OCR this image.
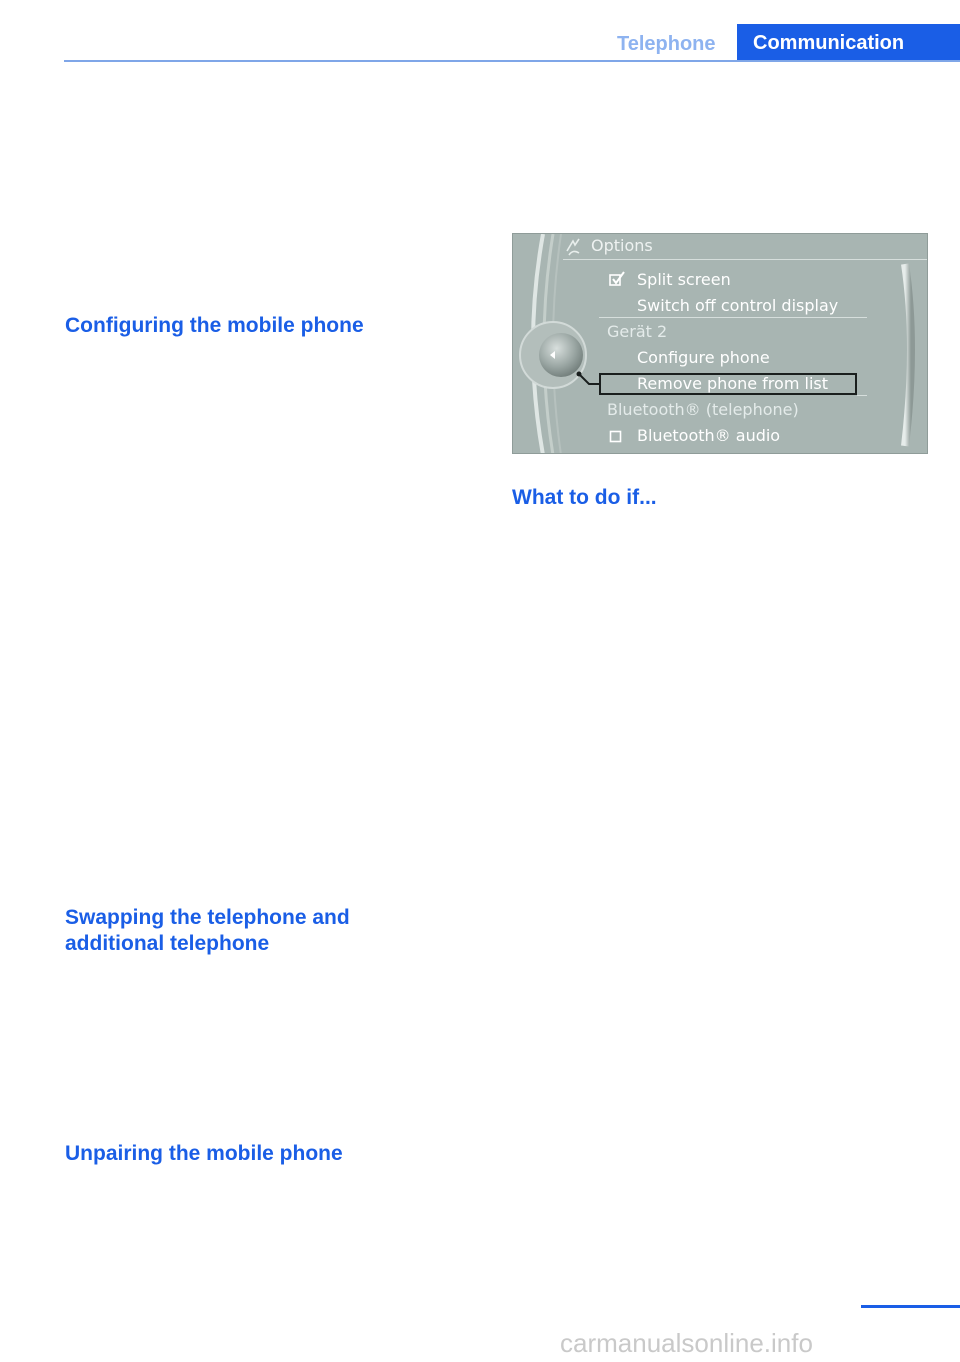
Telephone	Communication
Configuring the mobile phone
Swapping the telephone and
additional telephone
Unpairing the mobile phone
Options
Split screen
Switch off control display
Gerät 2
Configure phone
Remove phone from list
Bluetooth® (telephone)
Bluetooth® audio
What to do if...
carmanualsonline.info
